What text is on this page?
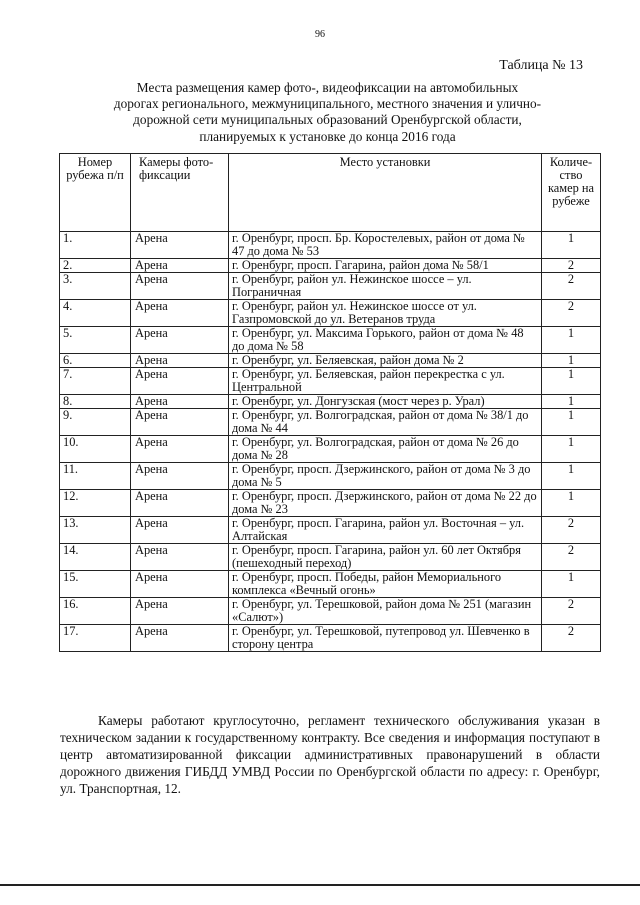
96
Таблица № 13
Места размещения камер фото-, видеофиксации на автомобильных
дорогах регионального, межмуниципального, местного значения и улично-
дорожной сети муниципальных образований Оренбургской области,
планируемых к установке до конца 2016 года
Номер рубежа п/п	Камеры фотофиксации	Место установки	Количество камер на рубеже
1.	Арена	г. Оренбург, просп. Бр. Коростелевых, район от дома № 47 до дома № 53	1
2.	Арена	г. Оренбург, просп. Гагарина, район дома № 58/1	2
3.	Арена	г. Оренбург, район ул. Нежинское шоссе – ул. Пограничная	2
4.	Арена	г. Оренбург, район ул. Нежинское шоссе от ул. Газпромовской до ул. Ветеранов труда	2
5.	Арена	г. Оренбург, ул. Максима Горького, район от дома № 48 до дома № 58	1
6.	Арена	г. Оренбург, ул. Беляевская, район дома № 2	1
7.	Арена	г. Оренбург, ул. Беляевская, район перекрестка с ул. Центральной	1
8.	Арена	г. Оренбург, ул. Донгузская (мост через р. Урал)	1
9.	Арена	г. Оренбург, ул. Волгоградская, район от дома № 38/1 до дома № 44	1
10.	Арена	г. Оренбург, ул. Волгоградская, район от дома № 26 до дома № 28	1
11.	Арена	г. Оренбург, просп. Дзержинского, район от дома № 3 до дома № 5	1
12.	Арена	г. Оренбург, просп. Дзержинского, район от дома № 22 до дома № 23	1
13.	Арена	г. Оренбург, просп. Гагарина, район ул. Восточная – ул. Алтайская	2
14.	Арена	г. Оренбург, просп. Гагарина, район ул. 60 лет Октября (пешеходный переход)	2
15.	Арена	г. Оренбург, просп. Победы, район Мемориального комплекса «Вечный огонь»	1
16.	Арена	г. Оренбург, ул. Терешковой, район дома № 251 (магазин «Салют»)	2
17.	Арена	г. Оренбург, ул. Терешковой, путепровод ул. Шевченко в сторону центра	2
Камеры работают круглосуточно, регламент технического обслуживания указан в техническом задании к государственному контракту. Все сведения и информация поступают в центр автоматизированной фиксации административных правонарушений в области дорожного движения ГИБДД УМВД России по Оренбургской области по адресу: г. Оренбург, ул. Транспортная, 12.
